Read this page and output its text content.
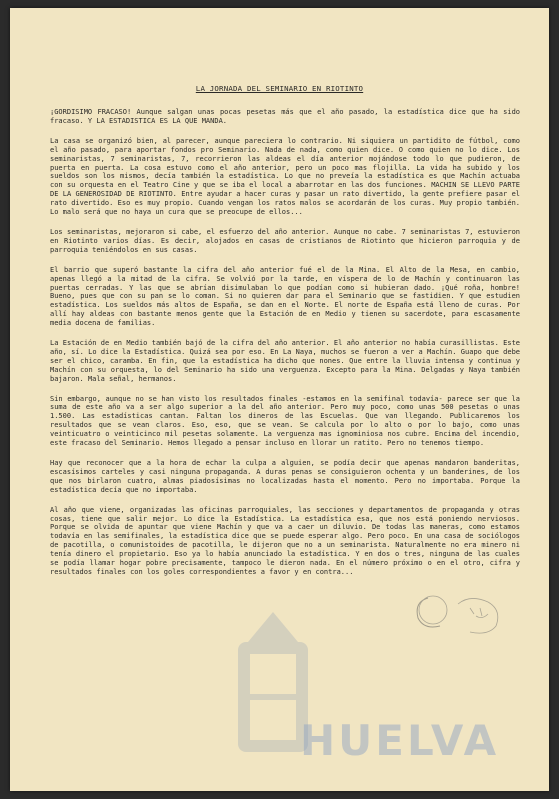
LA JORNADA DEL SEMINARIO EN RIOTINTO

¡GORDISIMO FRACASO! Aunque salgan unas pocas pesetas más que el año pasado, la estadística dice que ha sido fracaso. Y LA ESTADISTICA ES LA QUE MANDA.

La casa se organizó bien, al parecer, aunque pareciera lo contrario. Ni siquiera un partidito de fútbol, como el año pasado, para aportar fondos pro Seminario. Nada de nada, como quien dice. O como quien no lo dice. Los seminaristas, 7 seminaristas, 7, recorrieron las aldeas el día anterior mojándose todo lo que pudieron, de puerta en puerta. La cosa estuvo como el año anterior, pero un poco mas flojilla. La vida ha subido y los sueldos son los mismos, decía también la estadística. Lo que no preveía la estadística es que Machín actuaba con su orquesta en el Teatro Cine y que se iba el local a abarrotar en las dos funciones. MACHIN SE LLEVO PARTE DE LA GENEROSIDAD DE RIOTINTO. Entre ayudar a hacer curas y pasar un rato divertido, la gente prefiere pasar el rato divertido. Eso es muy propio. Cuando vengan los ratos malos se acordarán de los curas. Muy propio también. Lo malo será que no haya un cura que se preocupe de ellos...

Los seminaristas, mejoraron si cabe, el esfuerzo del año anterior. Aunque no cabe. 7 seminaristas 7, estuvieron en Riotinto varios días. Es decir, alojados en casas de cristianos de Riotinto que hicieron parroquia y de parroquia teniéndolos en sus casas.

El barrio que superó bastante la cifra del año anterior fué el de la Mina. El Alto de la Mesa, en cambio, apenas llegó a la mitad de la cifra. Se volvió por la tarde, en víspera de lo de Machín y continuaron las puertas cerradas. Y las que se abrían disimulaban lo que podían como si hubieran dado. ¡Qué roña, hombre! Bueno, pues que con su pan se lo coman. Si no quieren dar para el Seminario que se fastidien. Y que estudien estadística. Los sueldos más altos de España, se dan en el Norte. El norte de España está lleno de curas. Por allí hay aldeas con bastante menos gente que la Estación de en Medio y tienen su sacerdote, para escasamente media docena de familias.

La Estación de en Medio también bajó de la cifra del año anterior. El año anterior no había curasillistas. Este año, sí. Lo dice la Estadística. Quizá sea por eso. En La Naya, muchos se fueron a ver a Machín. Guapo que debe ser el chico, caramba. En fin, que la estadística ha dicho que nones. Que entre la lluvia intensa y continua y Machín con su orquesta, lo del Seminario ha sido una verguenza. Excepto para la Mina. Delgadas y Naya también bajaron. Mala señal, hermanos.

Sin embargo, aunque no se han visto los resultados finales -estamos en la semifinal todavía- parece ser que la suma de este año va a ser algo superior a la del año anterior. Pero muy poco, como unas 500 pesetas o unas 1.500. Las estadísticas cantan. Faltan los dineros de las Escuelas. Que van llegando. Publicaremos los resultados que se vean claros. Eso, eso, que se vean. Se calcula por lo alto o por lo bajo, como unas veinticuatro o veinticinco mil pesetas solamente. La verguenza mas ignominiosa nos cubre. Encima del incendio, este fracaso del Seminario. Hemos llegado a pensar incluso en llorar un ratito. Pero no tenemos tiempo.

Hay que reconocer que a la hora de echar la culpa a alguien, se podía decir que apenas mandaron banderitas, escasísimos carteles y casi ninguna propaganda. A duras penas se consiguieron ochenta y un banderines, de los que nos birlaron cuatro, almas piadosísimas no localizadas hasta el momento. Pero no importaba. Porque la estadística decía que no importaba.

Al año que viene, organizadas las oficinas parroquiales, las secciones y departamentos de propaganda y otras cosas, tiene que salir mejor. Lo dice la Estadística. La estadística esa, que nos está poniendo nerviosos. Porque se olvida de apuntar que viene Machín y que va a caer un diluvio. De todas las maneras, como estamos todavía en las semifinales, la estadística dice que se puede esperar algo. Pero poco. En una casa de sociólogos de pacotilla, o comunistoides de pacotilla, le dijeron que no a un seminarista. Naturalmente no era minero ni tenía dinero el propietario. Eso ya lo había anunciado la estadística. Y en dos o tres, ninguna de las cuales se podía llamar hogar pobre precisamente, tampoco le dieron nada. En el número próximo o en el otro, cifra y resultados finales con los goles correspondientes a favor y en contra...

HUELVA
